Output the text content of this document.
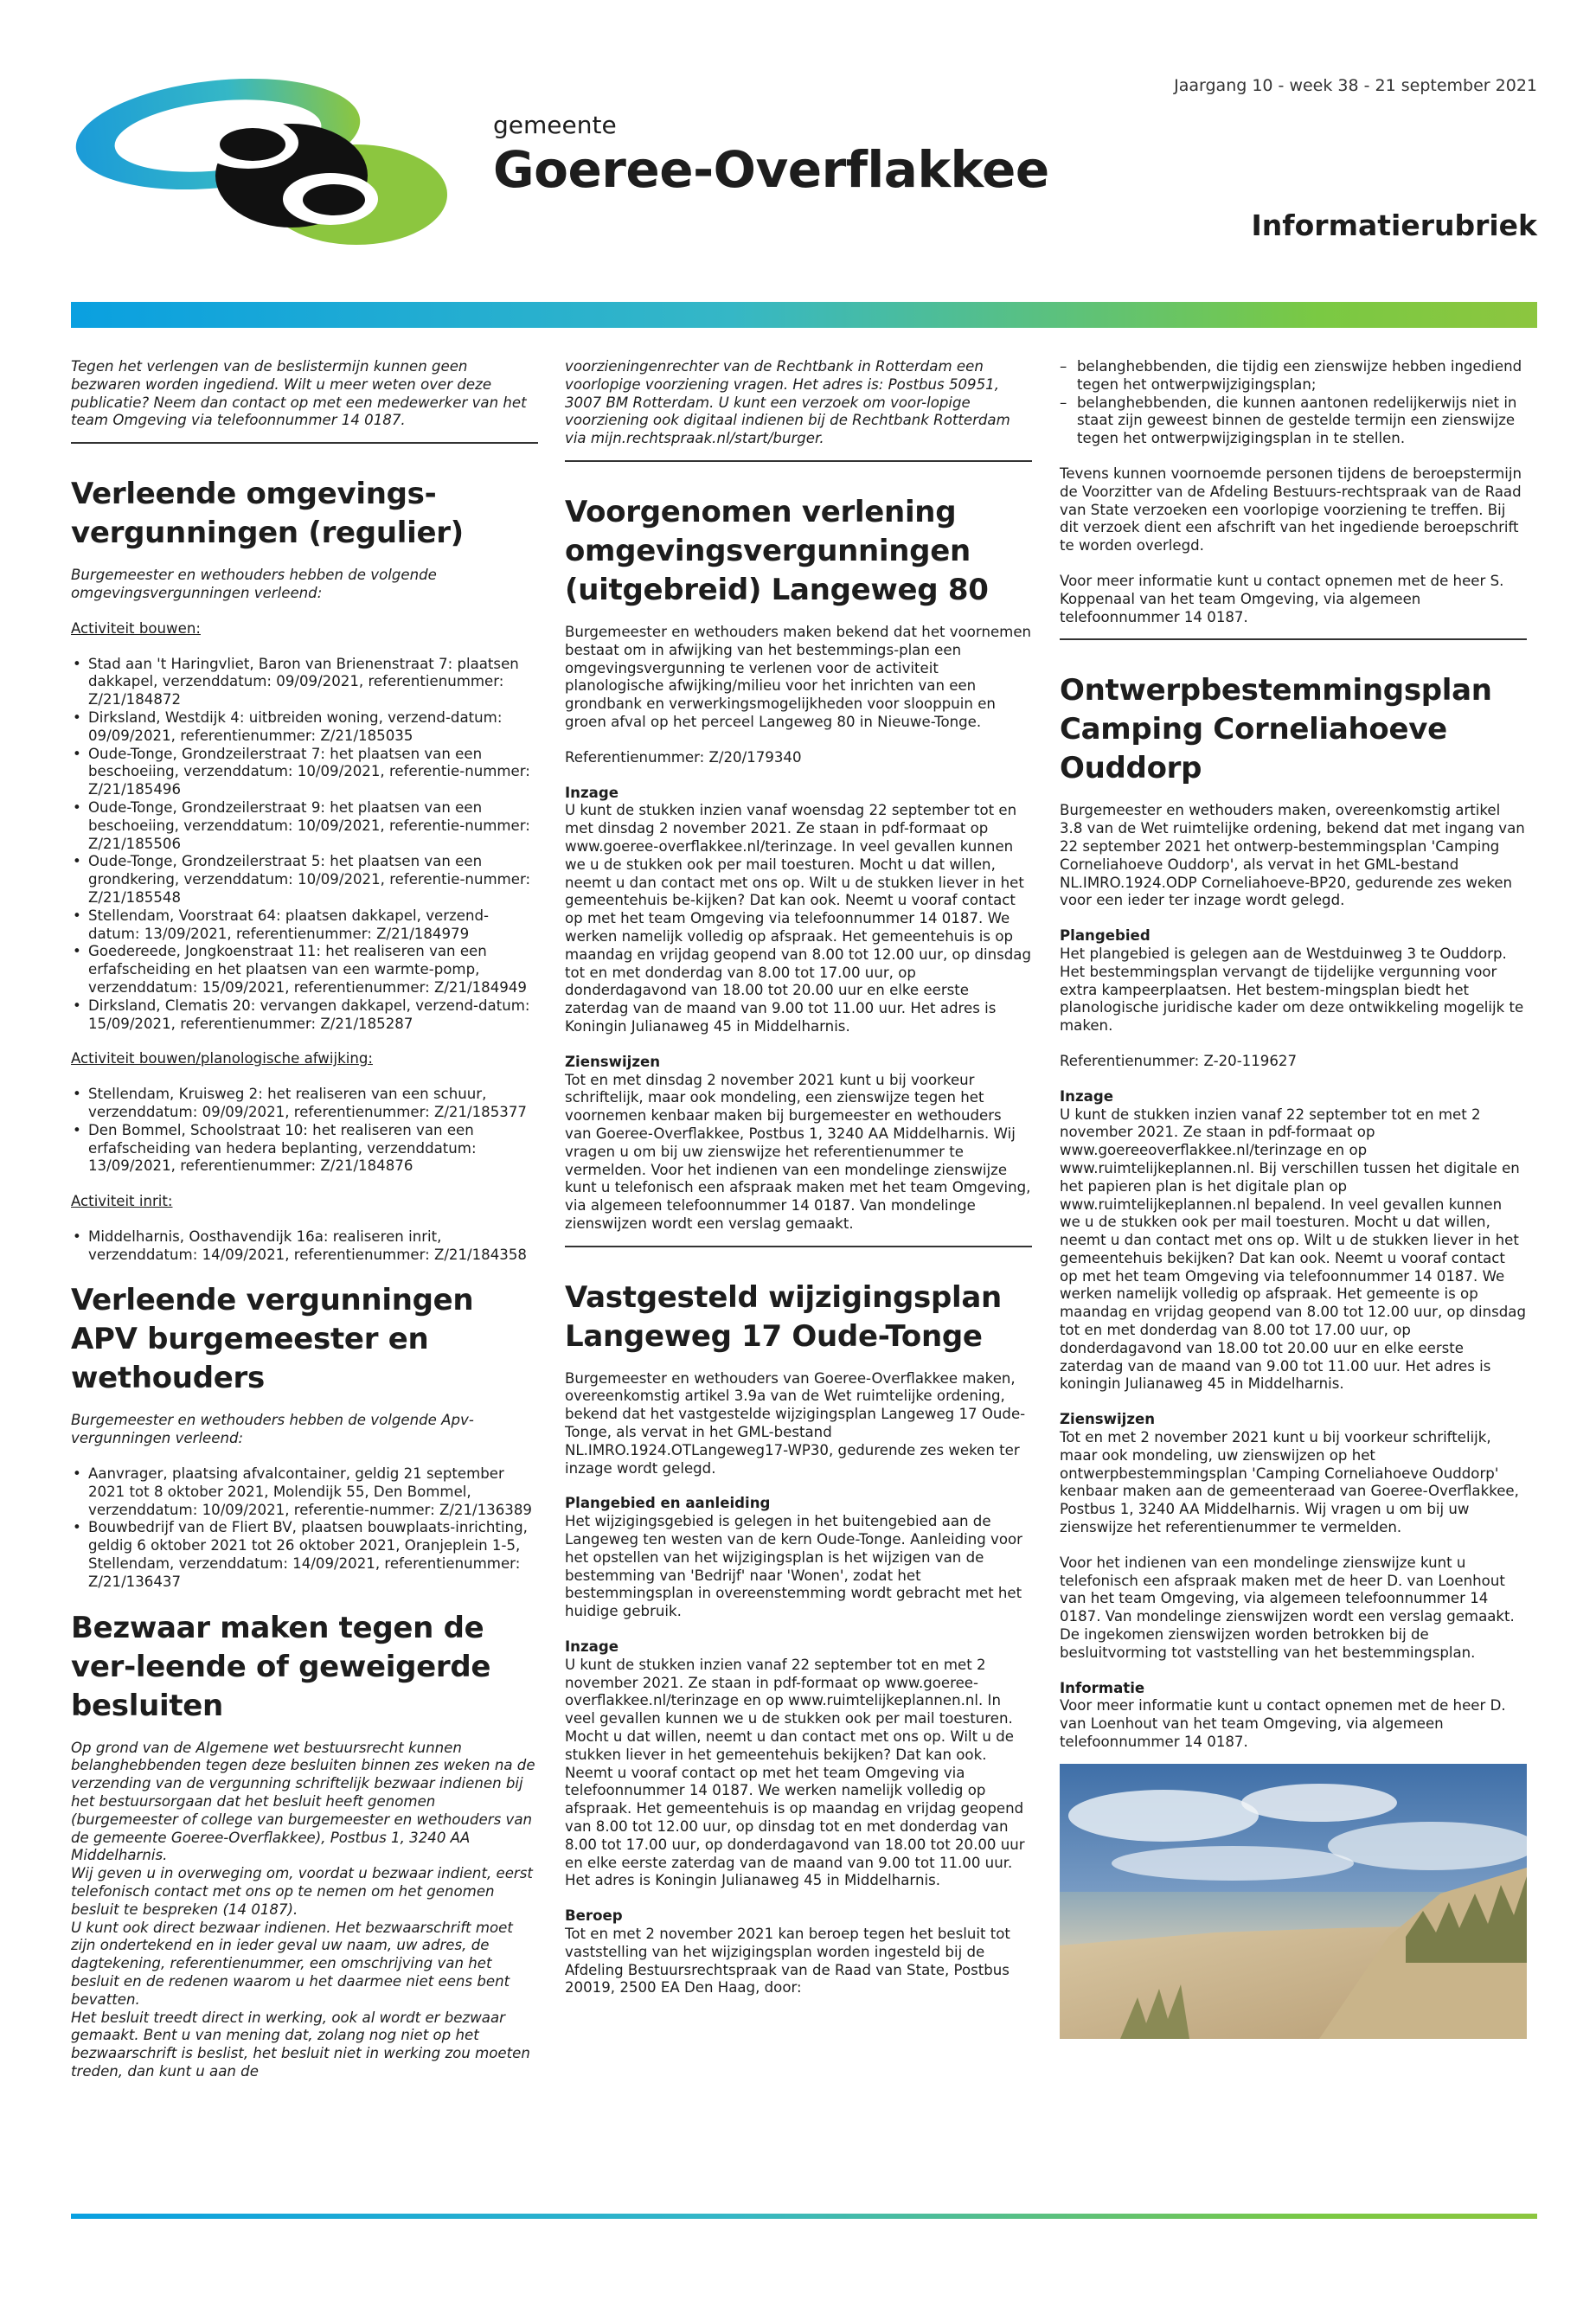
gemeente
Goeree-Overflakkee
Jaargang 10 - week 38 - 21 september 2021
Informatierubriek

Tegen het verlengen van de beslistermijn kunnen geen bezwaren worden ingediend. Wilt u meer weten over deze publicatie? Neem dan contact op met een medewerker van het team Omgeving via telefoonnummer 14 0187.

Verleende omgevings-vergunningen (regulier)

Burgemeester en wethouders hebben de volgende omgevingsvergunningen verleend:

Activiteit bouwen:

• Stad aan 't Haringvliet, Baron van Brienenstraat 7: plaatsen dakkapel, verzenddatum: 09/09/2021, referentienummer: Z/21/184872
• Dirksland, Westdijk 4: uitbreiden woning, verzend-datum: 09/09/2021, referentienummer: Z/21/185035
• Oude-Tonge, Grondzeilerstraat 7: het plaatsen van een beschoeiing, verzenddatum: 10/09/2021, referentie-nummer: Z/21/185496
• Oude-Tonge, Grondzeilerstraat 9: het plaatsen van een beschoeiing, verzenddatum: 10/09/2021, referentie-nummer: Z/21/185506
• Oude-Tonge, Grondzeilerstraat 5: het plaatsen van een grondkering, verzenddatum: 10/09/2021, referentie-nummer: Z/21/185548
• Stellendam, Voorstraat 64: plaatsen dakkapel, verzend-datum: 13/09/2021, referentienummer: Z/21/184979
• Goedereede, Jongkoenstraat 11: het realiseren van een erfafscheiding en het plaatsen van een warmte-pomp, verzenddatum: 15/09/2021, referentienummer: Z/21/184949
• Dirksland, Clematis 20: vervangen dakkapel, verzend-datum: 15/09/2021, referentienummer: Z/21/185287

Activiteit bouwen/planologische afwijking:

• Stellendam, Kruisweg 2: het realiseren van een schuur, verzenddatum: 09/09/2021, referentienummer: Z/21/185377
• Den Bommel, Schoolstraat 10: het realiseren van een erfafscheiding van hedera beplanting, verzenddatum: 13/09/2021, referentienummer: Z/21/184876

Activiteit inrit:

• Middelharnis, Oosthavendijk 16a: realiseren inrit, verzenddatum: 14/09/2021, referentienummer: Z/21/184358
Verleende vergunningen APV burgemeester en wethouders

Burgemeester en wethouders hebben de volgende Apv-vergunningen verleend:

• Aanvrager, plaatsing afvalcontainer, geldig 21 september 2021 tot 8 oktober 2021, Molendijk 55, Den Bommel, verzenddatum: 10/09/2021, referentie-nummer: Z/21/136389
• Bouwbedrijf van de Fliert BV, plaatsen bouwplaats-inrichting, geldig 6 oktober 2021 tot 26 oktober 2021, Oranjeplein 1-5, Stellendam, verzenddatum: 14/09/2021, referentienummer: Z/21/136437
Bezwaar maken tegen de ver-leende of geweigerde besluiten

Op grond van de Algemene wet bestuursrecht kunnen belanghebbenden tegen deze besluiten binnen zes weken na de verzending van de vergunning schriftelijk bezwaar indienen bij het bestuursorgaan dat het besluit heeft genomen (burgemeester of college van burgemeester en wethouders van de gemeente Goeree-Overflakkee), Postbus 1, 3240 AA Middelharnis.

Wij geven u in overweging om, voordat u bezwaar indient, eerst telefonisch contact met ons op te nemen om het genomen besluit te bespreken (14 0187).

U kunt ook direct bezwaar indienen. Het bezwaarschrift moet zijn ondertekend en in ieder geval uw naam, uw adres, de dagtekening, referentienummer, een omschrijving van het besluit en de redenen waarom u het daarmee niet eens bent bevatten.

Het besluit treedt direct in werking, ook al wordt er bezwaar gemaakt. Bent u van mening dat, zolang nog niet op het bezwaarschrift is beslist, het besluit niet in werking zou moeten treden, dan kunt u aan de

voorzieningenrechter van de Rechtbank in Rotterdam een voorlopige voorziening vragen. Het adres is: Postbus 50951, 3007 BM Rotterdam. U kunt een verzoek om voor-lopige voorziening ook digitaal indienen bij de Rechtbank Rotterdam via mijn.rechtspraak.nl/start/burger.

Voorgenomen verlening omgevingsvergunningen (uitgebreid) Langeweg 80

Burgemeester en wethouders maken bekend dat het voornemen bestaat om in afwijking van het bestemmings-plan een omgevingsvergunning te verlenen voor de activiteit planologische afwijking/milieu voor het inrichten van een grondbank en verwerkingsmogelijkheden voor slooppuin en groen afval op het perceel Langeweg 80 in Nieuwe-Tonge.

Referentienummer: Z/20/179340

Inzage

U kunt de stukken inzien vanaf woensdag 22 september tot en met dinsdag 2 november 2021. Ze staan in pdf-formaat op www.goeree-overflakkee.nl/terinzage. In veel gevallen kunnen we u de stukken ook per mail toesturen. Mocht u dat willen, neemt u dan contact met ons op. Wilt u de stukken liever in het gemeentehuis be-kijken? Dat kan ook. Neemt u vooraf contact op met het team Omgeving via telefoonnummer 14 0187. We werken namelijk volledig op afspraak. Het gemeentehuis is op maandag en vrijdag geopend van 8.00 tot 12.00 uur, op dinsdag tot en met donderdag van 8.00 tot 17.00 uur, op donderdagavond van 18.00 tot 20.00 uur en elke eerste zaterdag van de maand van 9.00 tot 11.00 uur. Het adres is Koningin Julianaweg 45 in Middelharnis.

Zienswijzen

Tot en met dinsdag 2 november 2021 kunt u bij voorkeur schriftelijk, maar ook mondeling, een zienswijze tegen het voornemen kenbaar maken bij burgemeester en wethouders van Goeree-Overflakkee, Postbus 1, 3240 AA Middelharnis. Wij vragen u om bij uw zienswijze het referentienummer te vermelden. Voor het indienen van een mondelinge zienswijze kunt u telefonisch een afspraak maken met het team Omgeving, via algemeen telefoonnummer 14 0187. Van mondelinge zienswijzen wordt een verslag gemaakt.

Vastgesteld wijzigingsplan Langeweg 17 Oude-Tonge

Burgemeester en wethouders van Goeree-Overflakkee maken, overeenkomstig artikel 3.9a van de Wet ruimtelijke ordening, bekend dat het vastgestelde wijzigingsplan Langeweg 17 Oude-Tonge, als vervat in het GML-bestand NL.IMRO.1924.OTLangeweg17-WP30, gedurende zes weken ter inzage wordt gelegd.

Plangebied en aanleiding

Het wijzigingsgebied is gelegen in het buitengebied aan de Langeweg ten westen van de kern Oude-Tonge. Aanleiding voor het opstellen van het wijzigingsplan is het wijzigen van de bestemming van 'Bedrijf' naar 'Wonen', zodat het bestemmingsplan in overeenstemming wordt gebracht met het huidige gebruik.

Inzage

U kunt de stukken inzien vanaf 22 september tot en met 2 november 2021. Ze staan in pdf-formaat op www.goeree-overflakkee.nl/terinzage en op www.ruimtelijkeplannen.nl. In veel gevallen kunnen we u de stukken ook per mail toesturen. Mocht u dat willen, neemt u dan contact met ons op. Wilt u de stukken liever in het gemeentehuis bekijken? Dat kan ook. Neemt u vooraf contact op met het team Omgeving via telefoonnummer 14 0187. We werken namelijk volledig op afspraak. Het gemeentehuis is op maandag en vrijdag geopend van 8.00 tot 12.00 uur, op dinsdag tot en met donderdag van 8.00 tot 17.00 uur, op donderdagavond van 18.00 tot 20.00 uur en elke eerste zaterdag van de maand van 9.00 tot 11.00 uur. Het adres is Koningin Julianaweg 45 in Middelharnis.

Beroep

Tot en met 2 november 2021 kan beroep tegen het besluit tot vaststelling van het wijzigingsplan worden ingesteld bij de Afdeling Bestuursrechtspraak van de Raad van State, Postbus 20019, 2500 EA Den Haag, door:

– belanghebbenden, die tijdig een zienswijze hebben ingediend tegen het ontwerpwijzigingsplan;
– belanghebbenden, die kunnen aantonen redelijkerwijs niet in staat zijn geweest binnen de gestelde termijn een zienswijze tegen het ontwerpwijzigingsplan in te stellen.

Tevens kunnen voornoemde personen tijdens de beroepstermijn de Voorzitter van de Afdeling Bestuurs-rechtspraak van de Raad van State verzoeken een voorlopige voorziening te treffen. Bij dit verzoek dient een afschrift van het ingediende beroepschrift te worden overlegd.

Voor meer informatie kunt u contact opnemen met de heer S. Koppenaal van het team Omgeving, via algemeen telefoonnummer 14 0187.

Ontwerpbestemmingsplan Camping Corneliahoeve Ouddorp

Burgemeester en wethouders maken, overeenkomstig artikel 3.8 van de Wet ruimtelijke ordening, bekend dat met ingang van 22 september 2021 het ontwerp-bestemmingsplan 'Camping Corneliahoeve Ouddorp', als vervat in het GML-bestand NL.IMRO.1924.ODP Corneliahoeve-BP20, gedurende zes weken voor een ieder ter inzage wordt gelegd.

Plangebied

Het plangebied is gelegen aan de Westduinweg 3 te Ouddorp. Het bestemmingsplan vervangt de tijdelijke vergunning voor extra kampeerplaatsen. Het bestem-mingsplan biedt het planologische juridische kader om deze ontwikkeling mogelijk te maken.

Referentienummer: Z-20-119627

Inzage

U kunt de stukken inzien vanaf 22 september tot en met 2 november 2021. Ze staan in pdf-formaat op www.goereeoverflakkee.nl/terinzage en op www.ruimtelijkeplannen.nl. Bij verschillen tussen het digitale en het papieren plan is het digitale plan op www.ruimtelijkeplannen.nl bepalend. In veel gevallen kunnen we u de stukken ook per mail toesturen. Mocht u dat willen, neemt u dan contact met ons op. Wilt u de stukken liever in het gemeentehuis bekijken? Dat kan ook. Neemt u vooraf contact op met het team Omgeving via telefoonnummer 14 0187. We werken namelijk volledig op afspraak. Het gemeente is op maandag en vrijdag geopend van 8.00 tot 12.00 uur, op dinsdag tot en met donderdag van 8.00 tot 17.00 uur, op donderdagavond van 18.00 tot 20.00 uur en elke eerste zaterdag van de maand van 9.00 tot 11.00 uur. Het adres is koningin Julianaweg 45 in Middelharnis.

Zienswijzen

Tot en met 2 november 2021 kunt u bij voorkeur schriftelijk, maar ook mondeling, uw zienswijzen op het ontwerpbestemmingsplan 'Camping Corneliahoeve Ouddorp' kenbaar maken aan de gemeenteraad van Goeree-Overflakkee, Postbus 1, 3240 AA Middelharnis. Wij vragen u om bij uw zienswijze het referentienummer te vermelden.

Voor het indienen van een mondelinge zienswijze kunt u telefonisch een afspraak maken met de heer D. van Loenhout van het team Omgeving, via algemeen telefoonnummer 14 0187. Van mondelinge zienswijzen wordt een verslag gemaakt. De ingekomen zienswijzen worden betrokken bij de besluitvorming tot vaststelling van het bestemmingsplan.

Informatie

Voor meer informatie kunt u contact opnemen met de heer D. van Loenhout van het team Omgeving, via algemeen telefoonnummer 14 0187.
